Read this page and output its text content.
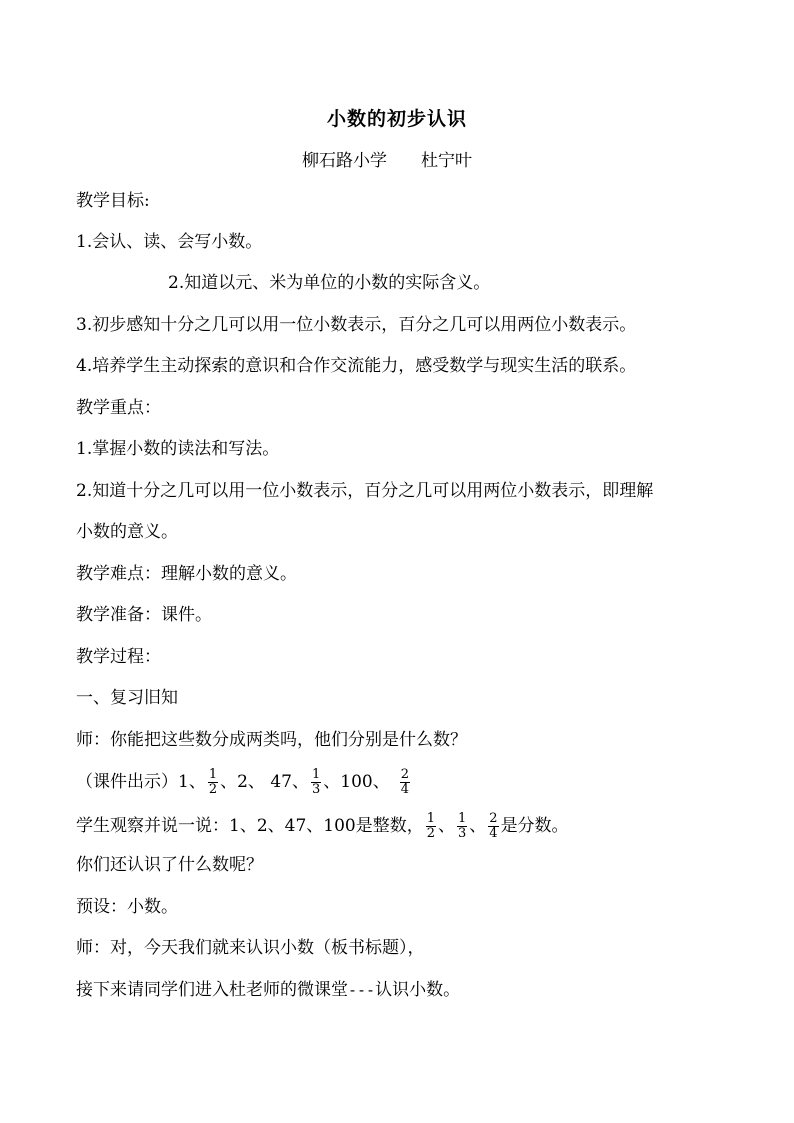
小数的初步认识
柳石路小学 杜宁叶
教学目标:
1.会认、读、会写小数。
2.知道以元、米为单位的小数的实际含义。
3.初步感知十分之几可以用一位小数表示，百分之几可以用两位小数表示。
4.培养学生主动探索的意识和合作交流能力，感受数学与现实生活的联系。
教学重点：
1.掌握小数的读法和写法。
2.知道十分之几可以用一位小数表示，百分之几可以用两位小数表示，即理解
小数的意义。
教学难点：理解小数的意义。
教学准备：课件。
教学过程：
一、复习旧知
师：你能把这些数分成两类吗，他们分别是什么数？
（课件出示）1、 $\frac{1}{2}$ 、2、 47、 $\frac{1}{3}$ 、100、 $\frac{2}{4}$
学生观察并说一说：1、2、47、100是整数， $\frac{1}{2}$ 、 $\frac{1}{3}$ 、 $\frac{2}{4}$ 是分数。
你们还认识了什么数呢？
预设：小数。
师：对，今天我们就来认识小数（板书标题），
接下来请同学们进入杜老师的微课堂---认识小数。
